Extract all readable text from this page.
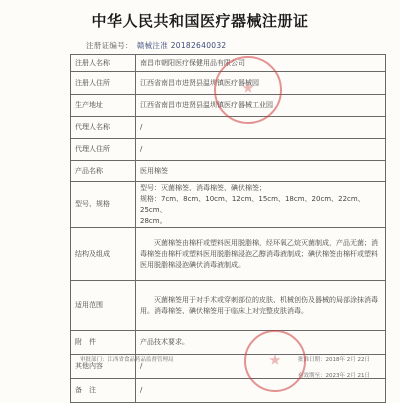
中华人民共和国医疗器械注册证
注册证编号： 赣械注准 20182640032
注册人名称	南昌市朝阳医疗保健用品有限公司
注册人住所	江西省南昌市进贤县温圳镇医疗器械园
生产地址	江西省南昌市进贤县温圳镇医疗器械工业园
代理人名称	/
代理人住所	/
产品名称	医用棉签
型号、规格	型号：灭菌棉签、消毒棉签、碘伏棉签；
规格：7cm、8cm、10cm、12cm、15cm、18cm、20cm、22cm、25cm、
28cm。

结构及组成	灭菌棉签由棉杆或塑料医用脱脂棉，经环氧乙烷灭菌制成，产品无菌；消毒棉签由棉杆或塑料医用脱脂棉浸泡乙醇消毒液制成；碘伏棉签由棉杆或塑料医用脱脂棉浸泡碘伏消毒液制成。

适用范围	灭菌棉签用于对手术或穿刺部位的皮肤、机械创伤及器械的局部涂抹消毒用。消毒棉签、碘伏棉签用于临床上对完整皮肤消毒。

附　件	产品技术要求。
其他内容	/
备　注	/
审批部门：江西省食品药品监督管理局	批准日期：2018年 2月 22日
有效期至：2023年 2月 21日
